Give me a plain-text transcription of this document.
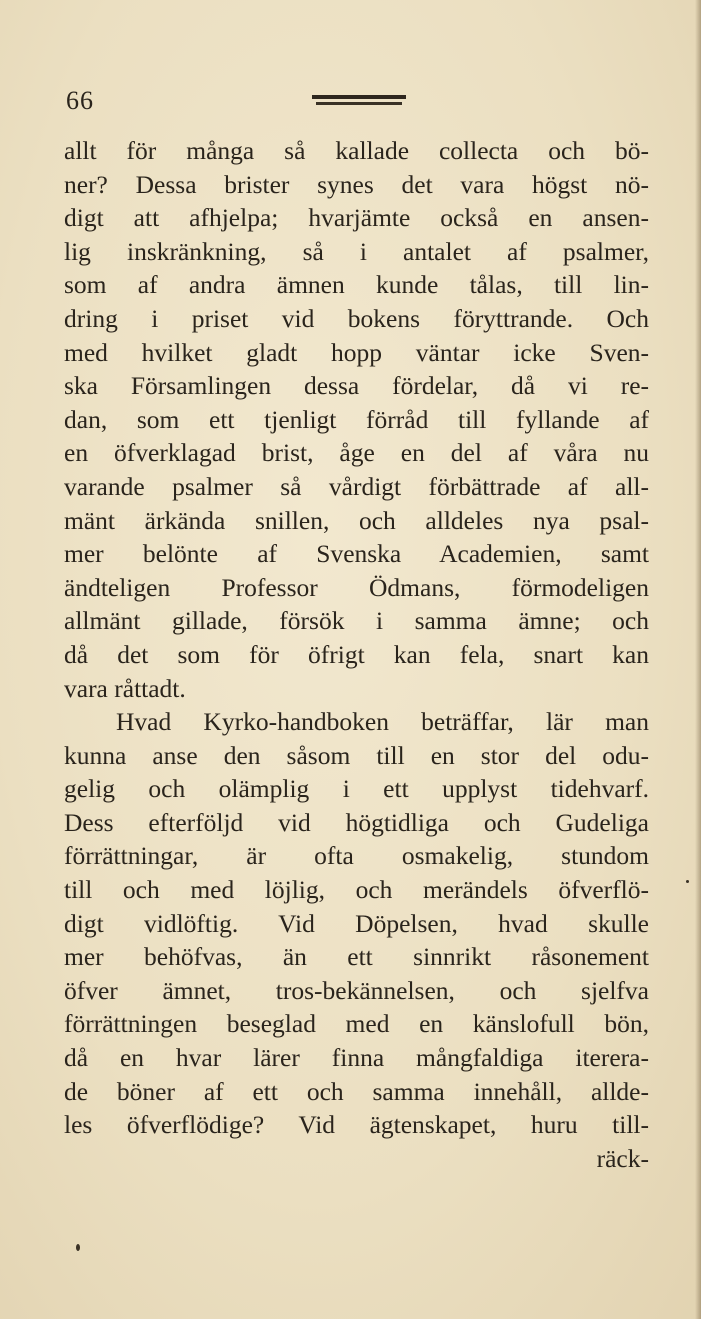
66
allt för många så kallade collecta och bö-
ner? Dessa brister synes det vara högst nö-
digt att afhjelpa; hvarjämte också en ansen-
lig inskränkning, så i antalet af psalmer,
som af andra ämnen kunde tålas, till lin-
dring i priset vid bokens föryttrande. Och
med hvilket gladt hopp väntar icke Sven-
ska Församlingen dessa fördelar, då vi re-
dan, som ett tjenligt förråd till fyllande af
en öfverklagad brist, åge en del af våra nu
varande psalmer så vårdigt förbättrade af all-
mänt ärkända snillen, och alldeles nya psal-
mer belönte af Svenska Academien, samt
ändteligen Professor Ödmans, förmodeligen
allmänt gillade, försök i samma ämne; och
då det som för öfrigt kan fela, snart kan
vara råttadt.
Hvad Kyrko-handboken beträffar, lär man
kunna anse den såsom till en stor del odu-
gelig och olämplig i ett upplyst tidehvarf.
Dess efterföljd vid högtidliga och Gudeliga
förrättningar, är ofta osmakelig, stundom
till och med löjlig, och merändels öfverflö-
digt vidlöftig. Vid Döpelsen, hvad skulle
mer behöfvas, än ett sinnrikt råsonement
öfver ämnet, tros-bekännelsen, och sjelfva
förrättningen beseglad med en känslofull bön,
då en hvar lärer finna mångfaldiga iterera-
de böner af ett och samma innehåll, allde-
les öfverflödige? Vid ägtenskapet, huru till-
räck-
